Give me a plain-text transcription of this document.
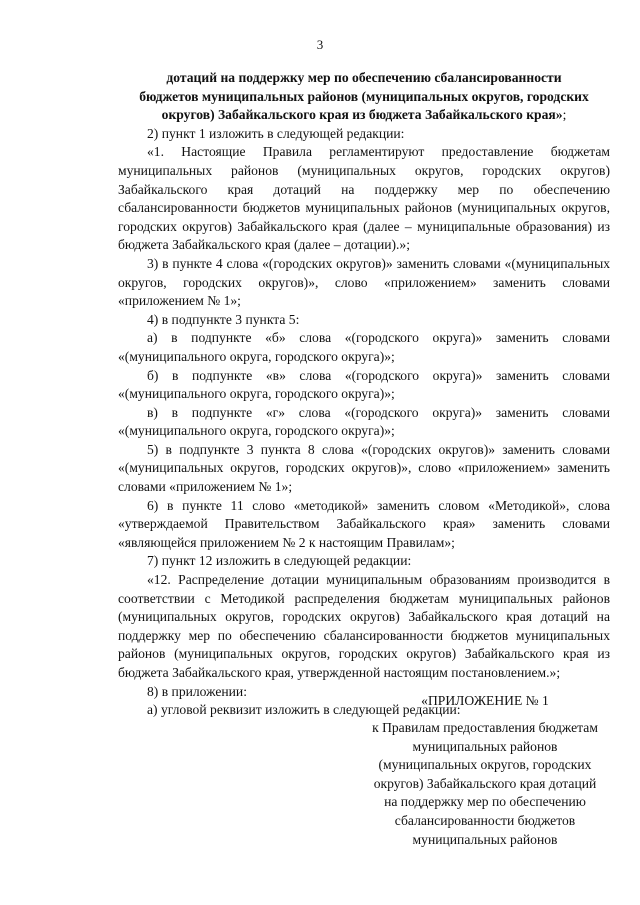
3

дотаций на поддержку мер по обеспечению сбалансированности
бюджетов муниципальных районов (муниципальных округов, городских
округов) Забайкальского края из бюджета Забайкальского края»;

2) пункт 1 изложить в следующей редакции:

«1. Настоящие Правила регламентируют предоставление бюджетам муниципальных районов (муниципальных округов, городских округов) Забайкальского края дотаций на поддержку мер по обеспечению сбалансированности бюджетов муниципальных районов (муниципальных округов, городских округов) Забайкальского края (далее – муниципальные образования) из бюджета Забайкальского края (далее – дотации).»;

3) в пункте 4 слова «(городских округов)» заменить словами «(муниципальных округов, городских округов)», слово «приложением» заменить словами «приложением № 1»;

4) в подпункте 3 пункта 5:

а) в подпункте «б» слова «(городского округа)» заменить словами «(муниципального округа, городского округа)»;

б) в подпункте «в» слова «(городского округа)» заменить словами «(муниципального округа, городского округа)»;

в) в подпункте «г» слова «(городского округа)» заменить словами «(муниципального округа, городского округа)»;

5) в подпункте 3 пункта 8 слова «(городских округов)» заменить словами «(муниципальных округов, городских округов)», слово «приложением» заменить словами «приложением № 1»;

6) в пункте 11 слово «методикой» заменить словом «Методикой», слова «утверждаемой Правительством Забайкальского края» заменить словами «являющейся приложением № 2 к настоящим Правилам»;

7) пункт 12 изложить в следующей редакции:

«12. Распределение дотации муниципальным образованиям производится в соответствии с Методикой распределения бюджетам муниципальных районов (муниципальных округов, городских округов) Забайкальского края дотаций на поддержку мер по обеспечению сбалансированности бюджетов муниципальных районов (муниципальных округов, городских округов) Забайкальского края из бюджета Забайкальского края, утвержденной настоящим постановлением.»;

8) в приложении:

а) угловой реквизит изложить в следующей редакции:

«ПРИЛОЖЕНИЕ № 1
к Правилам предоставления бюджетам
муниципальных районов
(муниципальных округов, городских
округов) Забайкальского края дотаций
на поддержку мер по обеспечению
сбалансированности бюджетов
муниципальных районов
